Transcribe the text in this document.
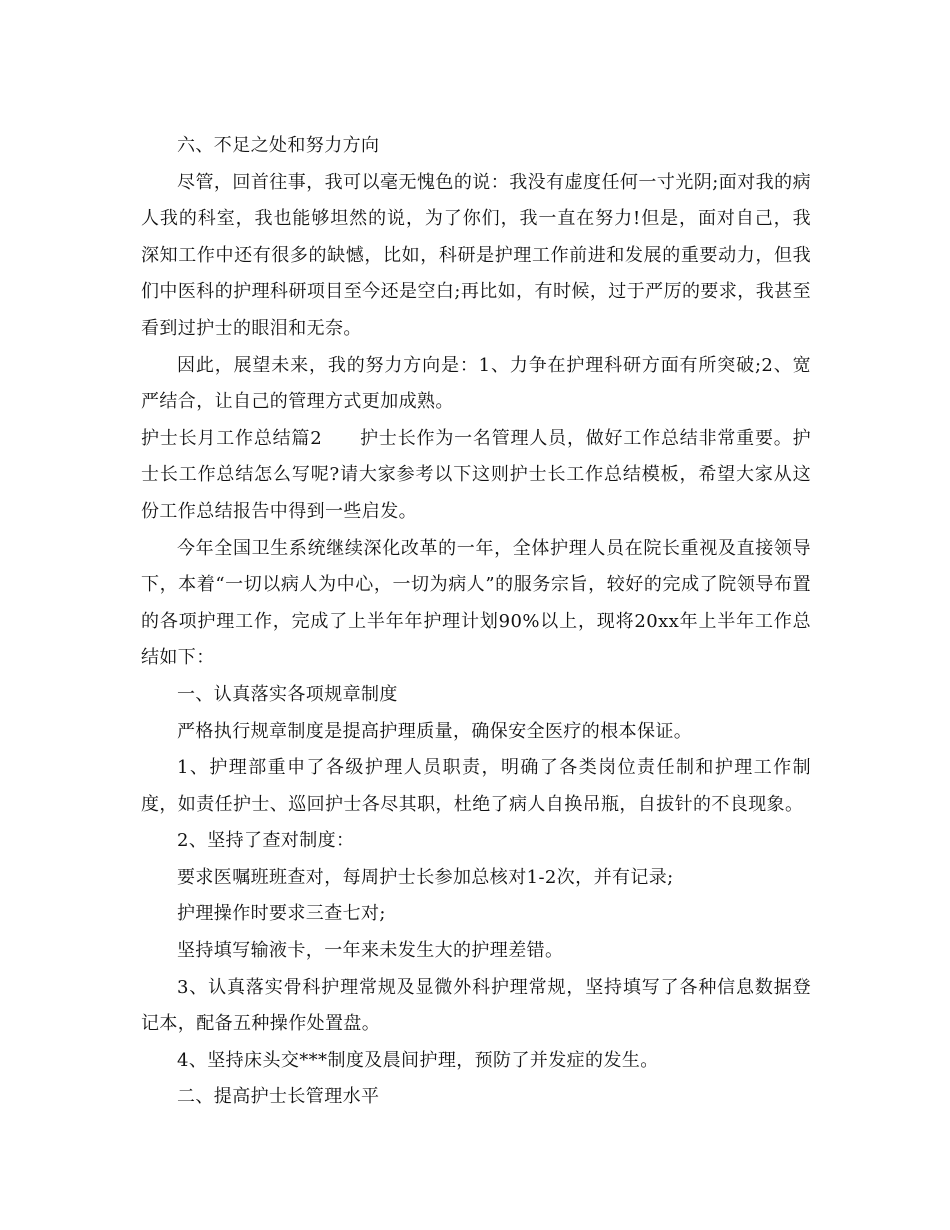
六、不足之处和努力方向

尽管，回首往事，我可以毫无愧色的说：我没有虚度任何一寸光阴;面对我的病人我的科室，我也能够坦然的说，为了你们，我一直在努力!但是，面对自己，我深知工作中还有很多的缺憾，比如，科研是护理工作前进和发展的重要动力，但我们中医科的护理科研项目至今还是空白;再比如，有时候，过于严厉的要求，我甚至看到过护士的眼泪和无奈。

因此，展望未来，我的努力方向是：1、力争在护理科研方面有所突破;2、宽严结合，让自己的管理方式更加成熟。

护士长月工作总结篇2　　护士长作为一名管理人员，做好工作总结非常重要。护士长工作总结怎么写呢?请大家参考以下这则护士长工作总结模板，希望大家从这份工作总结报告中得到一些启发。

今年全国卫生系统继续深化改革的一年，全体护理人员在院长重视及直接领导下，本着“一切以病人为中心，一切为病人”的服务宗旨，较好的完成了院领导布置的各项护理工作，完成了上半年年护理计划90%以上，现将20xx年上半年工作总结如下：

一、认真落实各项规章制度

严格执行规章制度是提高护理质量，确保安全医疗的根本保证。

1、护理部重申了各级护理人员职责，明确了各类岗位责任制和护理工作制度，如责任护士、巡回护士各尽其职，杜绝了病人自换吊瓶，自拔针的不良现象。

2、坚持了查对制度：

要求医嘱班班查对，每周护士长参加总核对1-2次，并有记录;

护理操作时要求三查七对;

坚持填写输液卡，一年来未发生大的护理差错。

3、认真落实骨科护理常规及显微外科护理常规，坚持填写了各种信息数据登记本，配备五种操作处置盘。

4、坚持床头交***制度及晨间护理，预防了并发症的发生。

二、提高护士长管理水平
